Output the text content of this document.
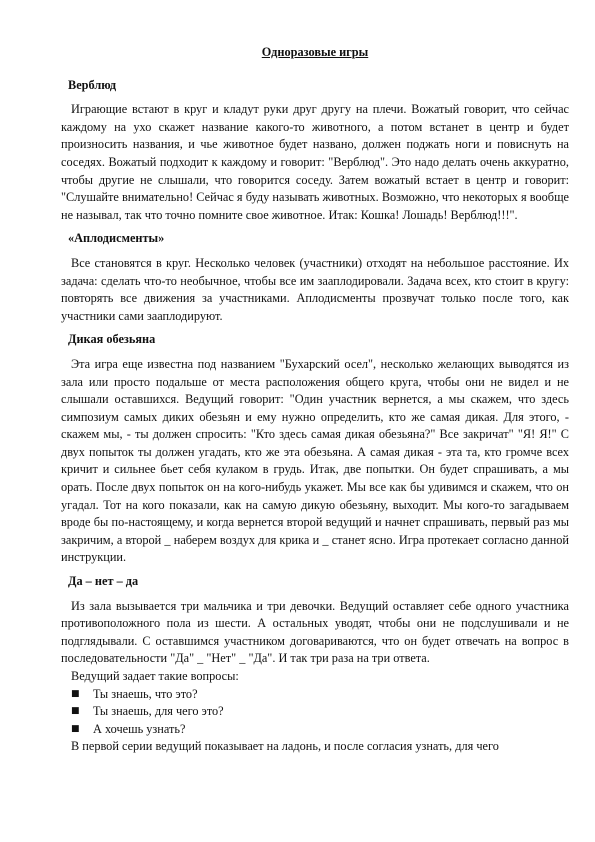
Одноразовые игры
Верблюд

Играющие встают в круг и кладут руки друг другу на плечи. Вожатый говорит, что сейчас каждому на ухо скажет название какого-то животного, а потом встанет в центр и будет произносить названия, и чье животное будет названо, должен поджать ноги и повиснуть на соседях. Вожатый подходит к каждому и говорит: "Верблюд". Это надо делать очень аккуратно, чтобы другие не слышали, что говорится соседу. Затем вожатый встает в центр и говорит: "Слушайте внимательно! Сейчас я буду называть животных. Возможно, что некоторых я вообще не называл, так что точно помните свое животное. Итак: Кошка! Лошадь! Верблюд!!!".

«Аплодисменты»

Все становятся в круг. Несколько человек (участники) отходят на небольшое расстояние. Их задача: сделать что-то необычное, чтобы все им зааплодировали. Задача всех, кто стоит в кругу: повторять все движения за участниками. Аплодисменты прозвучат только после того, как участники сами зааплодируют.

Дикая обезьяна

Эта игра еще известна под названием "Бухарский осел", несколько желающих выводятся из зала или просто подальше от места расположения общего круга, чтобы они не видел и не слышали оставшихся. Ведущий говорит: "Один участник вернется, а мы скажем, что здесь симпозиум самых диких обезьян и ему нужно определить, кто же самая дикая. Для этого, - скажем мы, - ты должен спросить: "Кто здесь самая дикая обезьяна?" Все закричат" "Я! Я!" С двух попыток ты должен угадать, кто же эта обезьяна. А самая дикая - эта та, кто громче всех кричит и сильнее бьет себя кулаком в грудь. Итак, две попытки. Он будет спрашивать, а мы орать. После двух попыток он на кого-нибудь укажет. Мы все как бы удивимся и скажем, что он угадал. Тот на кого показали, как на самую дикую обезьяну, выходит. Мы кого-то загадываем вроде бы по-настоящему, и когда вернется второй ведущий и начнет спрашивать, первый раз мы закричим, а второй _ наберем воздух для крика и _ станет ясно. Игра протекает согласно данной инструкции.

Да – нет – да

Из зала вызывается три мальчика и три девочки. Ведущий оставляет себе одного участника противоположного пола из шести. А остальных уводят, чтобы они не подслушивали и не подглядывали. С оставшимся участником договариваются, что он будет отвечать на вопрос в последовательности "Да" _ "Нет" _ "Да". И так три раза на три ответа.

Ведущий задает такие вопросы:

■ Ты знаешь, что это?
■ Ты знаешь, для чего это?
■ А хочешь узнать?

В первой серии ведущий показывает на ладонь, и после согласия узнать, для чего
